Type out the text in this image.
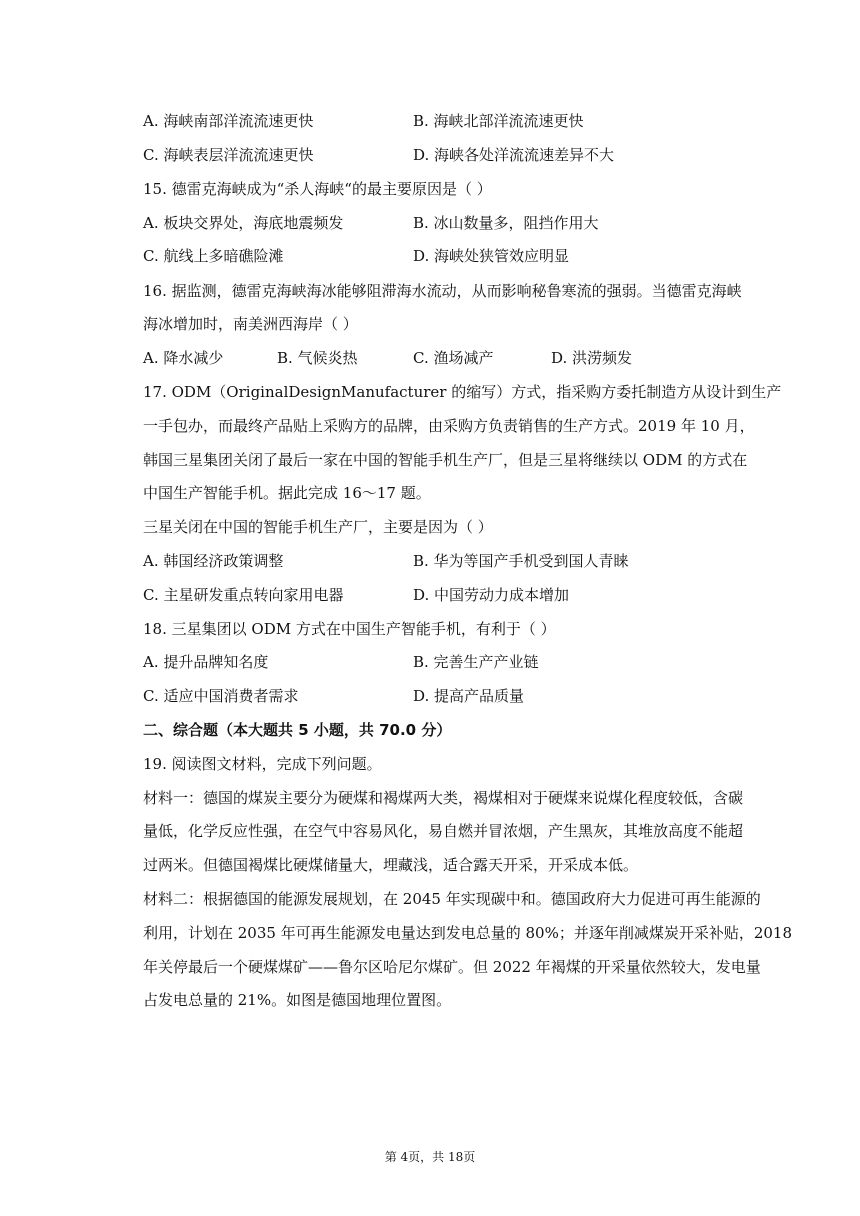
A. 海峡南部洋流流速更快	B. 海峡北部洋流流速更快
C. 海峡表层洋流流速更快	D. 海峡各处洋流流速差异不大
15. 德雷克海峡成为“杀人海峡“的最主要原因是（ ）
A. 板块交界处，海底地震频发	B. 冰山数量多，阻挡作用大
C. 航线上多暗礁险滩	D. 海峡处狭管效应明显
16. 据监测，德雷克海峡海冰能够阻滞海水流动，从而影响秘鲁寒流的强弱。当德雷克海峡
海冰增加时，南美洲西海岸（ ）
A. 降水减少	B. 气候炎热	C. 渔场减产	D. 洪涝频发
17. ODM（OriginalDesignManufacturer 的缩写）方式，指采购方委托制造方从设计到生产
一手包办，而最终产品贴上采购方的品牌，由采购方负责销售的生产方式。2019 年 10 月，
韩国三星集团关闭了最后一家在中国的智能手机生产厂，但是三星将继续以 ODM 的方式在
中国生产智能手机。据此完成 16～17 题。
三星关闭在中国的智能手机生产厂，主要是因为（ ）
A. 韩国经济政策调整	B. 华为等国产手机受到国人青睐
C. 主星研发重点转向家用电器	D. 中国劳动力成本增加
18. 三星集团以 ODM 方式在中国生产智能手机，有利于（ ）
A. 提升品牌知名度	B. 完善生产产业链
C. 适应中国消费者需求	D. 提高产品质量
二、综合题（本大题共 5 小题，共 70.0 分）
19. 阅读图文材料，完成下列问题。
材料一：德国的煤炭主要分为硬煤和褐煤两大类，褐煤相对于硬煤来说煤化程度较低，含碳
量低，化学反应性强，在空气中容易风化，易自燃并冒浓烟，产生黑灰，其堆放高度不能超
过两米。但德国褐煤比硬煤储量大，埋藏浅，适合露天开采，开采成本低。
材料二：根据德国的能源发展规划，在 2045 年实现碳中和。德国政府大力促进可再生能源的
利用，计划在 2035 年可再生能源发电量达到发电总量的 80%；并逐年削减煤炭开采补贴，2018
年关停最后一个硬煤煤矿——鲁尔区哈尼尔煤矿。但 2022 年褐煤的开采量依然较大，发电量
占发电总量的 21%。如图是德国地理位置图。
第 4页，共 18页
